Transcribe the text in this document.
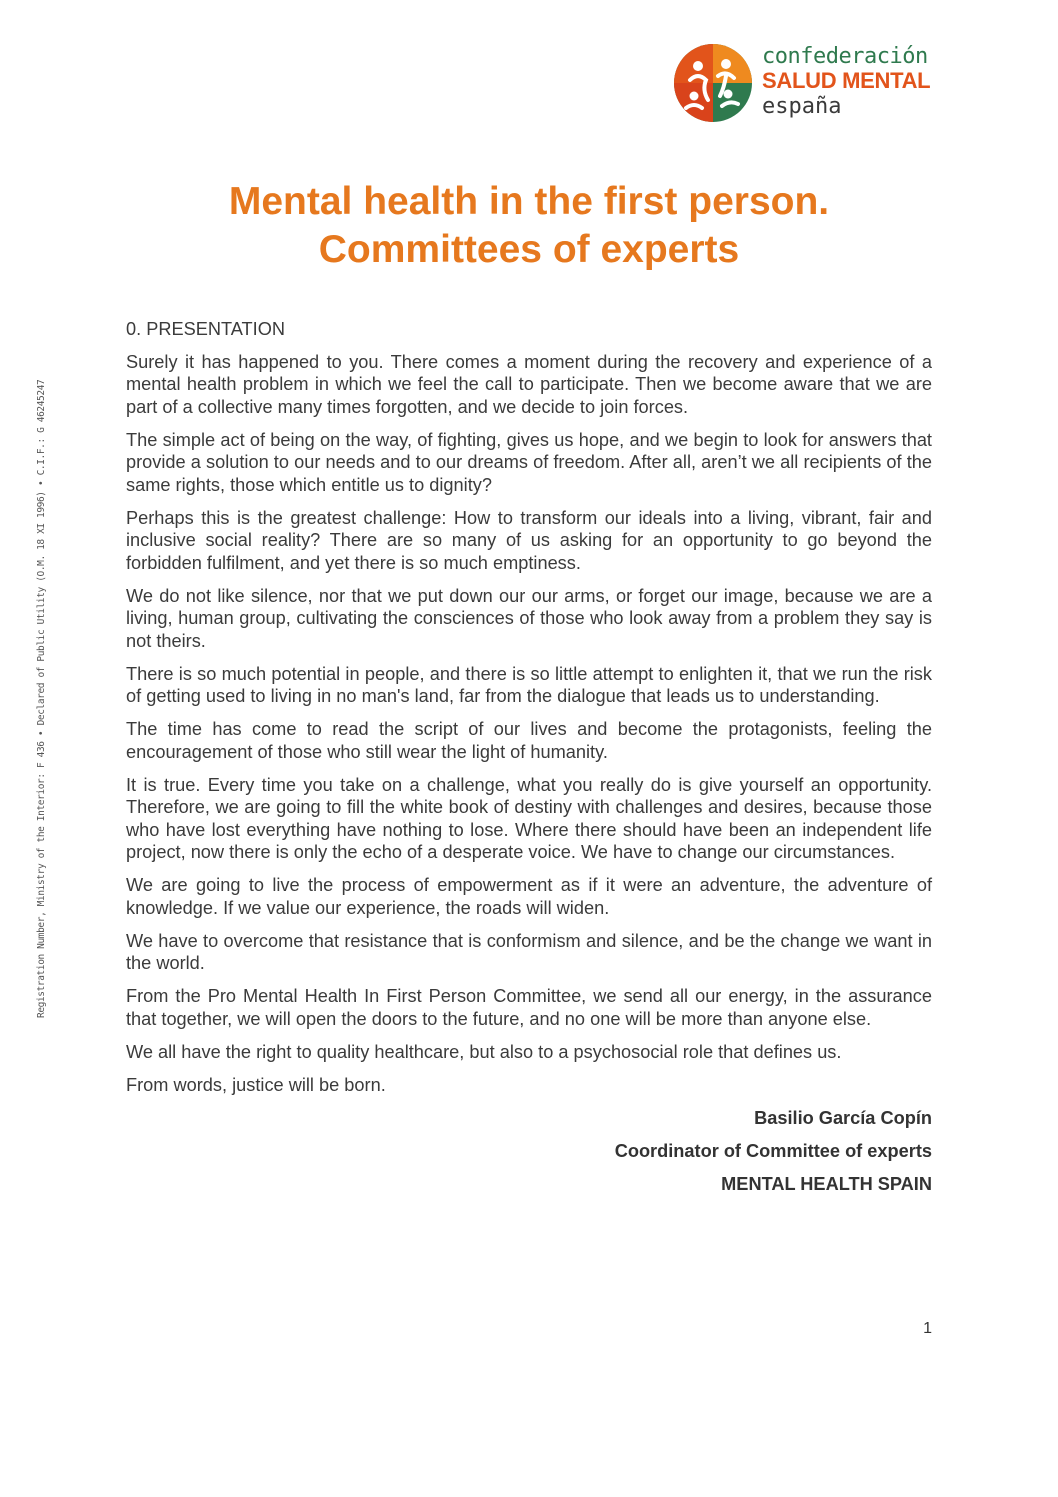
confederación
SALUD MENTAL
españa
Mental health in the first person.
Committees of experts
Registration Number, Ministry of the Interior: F 436 • Declared of Public Utility (O.M. 18 XI 1996) • C.I.F.: G 46245247
0. PRESENTATION

Surely it has happened to you. There comes a moment during the recovery and experience of a mental health problem in which we feel the call to participate. Then we become aware that we are part of a collective many times forgotten, and we decide to join forces.

The simple act of being on the way, of fighting, gives us hope, and we begin to look for answers that provide a solution to our needs and to our dreams of freedom. After all, aren’t we all recipients of the same rights, those which entitle us to dignity?

Perhaps this is the greatest challenge: How to transform our ideals into a living, vibrant, fair and inclusive social reality? There are so many of us asking for an opportunity to go beyond the forbidden fulfilment, and yet there is so much emptiness.

We do not like silence, nor that we put down our our arms, or forget our image, because we are a living, human group, cultivating the consciences of those who look away from a problem they say is not theirs.

There is so much potential in people, and there is so little attempt to enlighten it, that we run the risk of getting used to living in no man's land, far from the dialogue that leads us to understanding.

The time has come to read the script of our lives and become the protagonists, feeling the encouragement of those who still wear the light of humanity.

It is true. Every time you take on a challenge, what you really do is give yourself an opportunity. Therefore, we are going to fill the white book of destiny with challenges and desires, because those who have lost everything have nothing to lose. Where there should have been an independent life project, now there is only the echo of a desperate voice. We have to change our circumstances.

We are going to live the process of empowerment as if it were an adventure, the adventure of knowledge. If we value our experience, the roads will widen.

We have to overcome that resistance that is conformism and silence, and be the change we want in the world.

From the Pro Mental Health In First Person Committee, we send all our energy, in the assurance that together, we will open the doors to the future, and no one will be more than anyone else.

We all have the right to quality healthcare, but also to a psychosocial role that defines us.

From words, justice will be born.

Basilio García Copín
Coordinator of Committee of experts
MENTAL HEALTH SPAIN
1
